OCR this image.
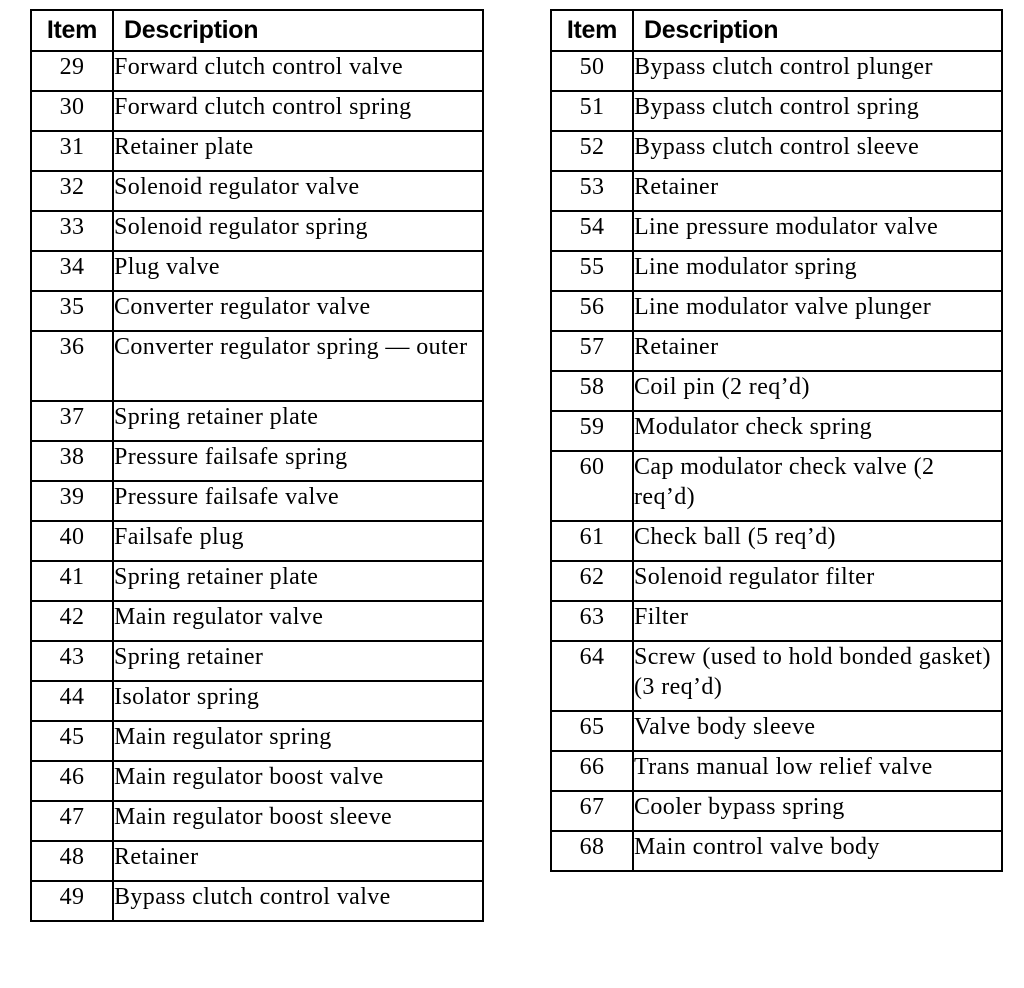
Item	Description
29	Forward clutch control valve
30	Forward clutch control spring
31	Retainer plate
32	Solenoid regulator valve
33	Solenoid regulator spring
34	Plug valve
35	Converter regulator valve
36	Converter regulator spring — outer
37	Spring retainer plate
38	Pressure failsafe spring
39	Pressure failsafe valve
40	Failsafe plug
41	Spring retainer plate
42	Main regulator valve
43	Spring retainer
44	Isolator spring
45	Main regulator spring
46	Main regulator boost valve
47	Main regulator boost sleeve
48	Retainer
49	Bypass clutch control valve
Item	Description
50	Bypass clutch control plunger
51	Bypass clutch control spring
52	Bypass clutch control sleeve
53	Retainer
54	Line pressure modulator valve
55	Line modulator spring
56	Line modulator valve plunger
57	Retainer
58	Coil pin (2 req’d)
59	Modulator check spring
60	Cap modulator check valve (2 req’d)
61	Check ball (5 req’d)
62	Solenoid regulator filter
63	Filter
64	Screw (used to hold bonded gasket) (3 req’d)
65	Valve body sleeve
66	Trans manual low relief valve
67	Cooler bypass spring
68	Main control valve body
